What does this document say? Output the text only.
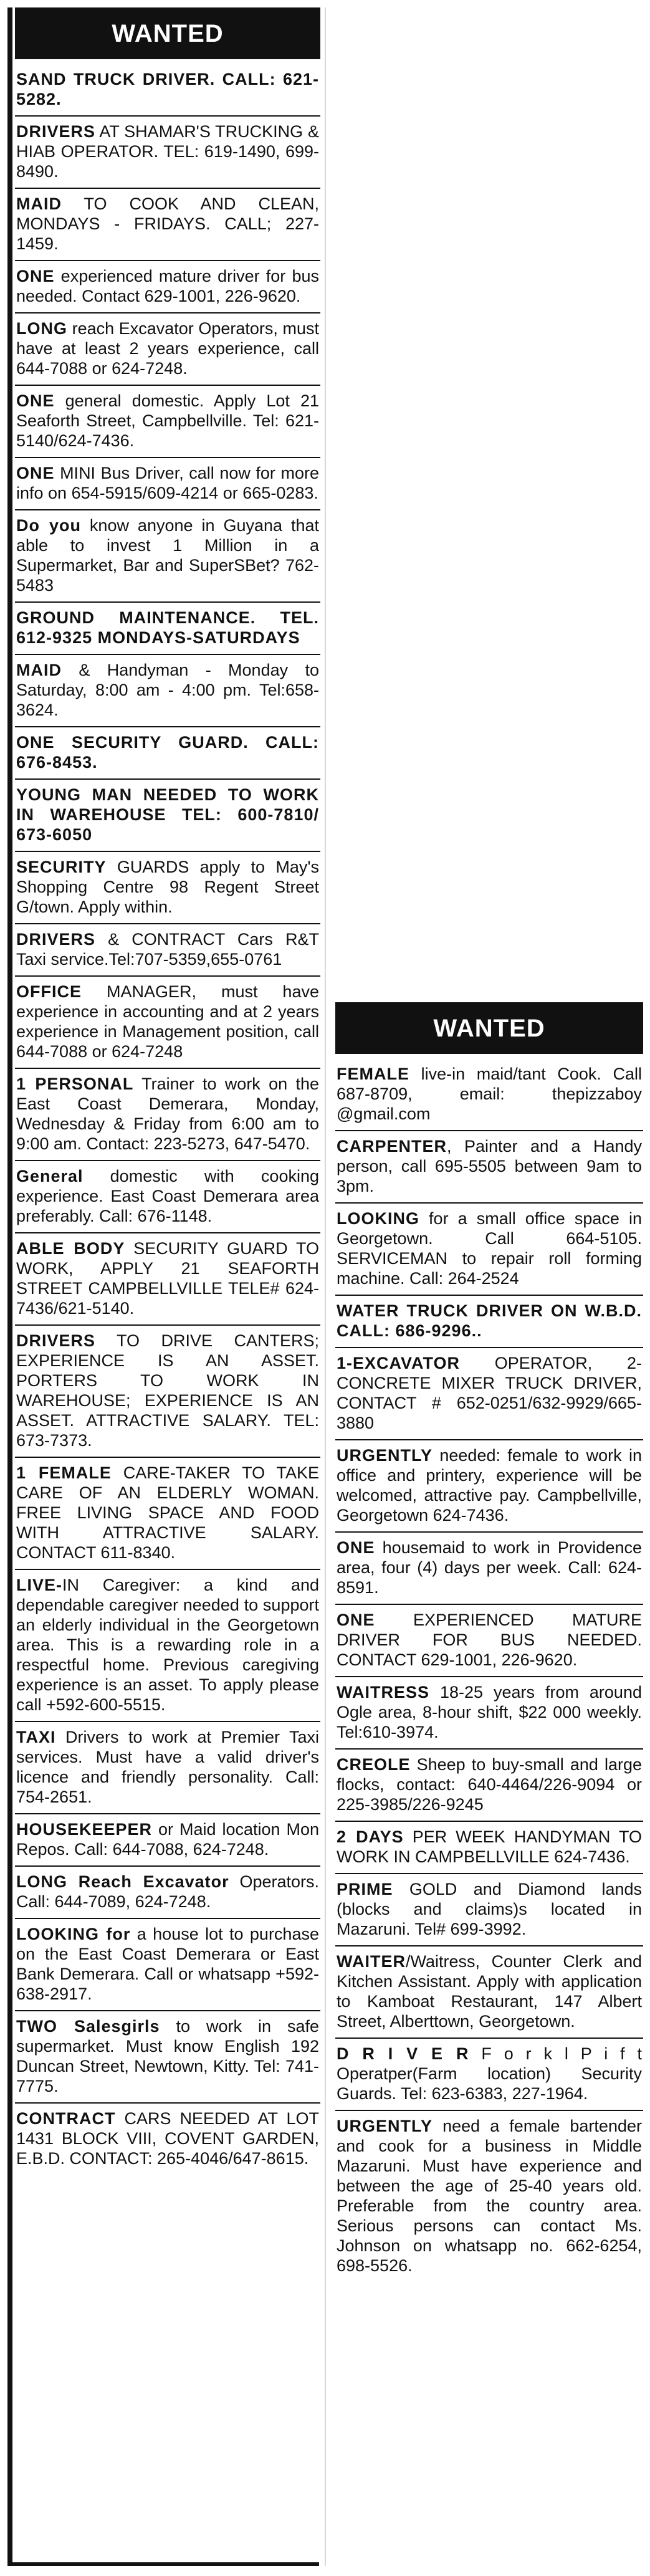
WANTED
SAND TRUCK DRIVER. CALL: 621-5282.
DRIVERS AT SHAMAR'S TRUCKING & HIAB OPERATOR. TEL: 619-1490, 699-8490.
MAID TO COOK AND CLEAN, MONDAYS - FRIDAYS. CALL; 227-1459.
ONE experienced mature driver for bus needed. Contact 629-1001, 226-9620.
LONG reach Excavator Operators, must have at least 2 years experience, call 644-7088 or 624-7248.
ONE general domestic. Apply Lot 21 Seaforth Street, Campbellville. Tel: 621-5140/624-7436.
ONE MINI Bus Driver, call now for more info on 654-5915/609-4214 or 665-0283.
Do you know anyone in Guyana that able to invest 1 Million in a Supermarket, Bar and SuperSBet? 762-5483
GROUND MAINTENANCE. TEL. 612-9325 MONDAYS-SATURDAYS
MAID & Handyman - Monday to Saturday, 8:00 am - 4:00 pm. Tel:658-3624.
ONE SECURITY GUARD. CALL: 676-8453.
YOUNG MAN NEEDED TO WORK IN WAREHOUSE TEL: 600-7810/ 673-6050
SECURITY GUARDS apply to May's Shopping Centre 98 Regent Street G/town. Apply within.
DRIVERS & CONTRACT Cars R&T Taxi service.Tel:707-5359,655-0761
OFFICE MANAGER, must have experience in accounting and at 2 years experience in Management position, call 644-7088 or 624-7248
1 PERSONAL Trainer to work on the East Coast Demerara, Monday, Wednesday & Friday from 6:00 am to 9:00 am. Contact: 223-5273, 647-5470.
General domestic with cooking experience. East Coast Demerara area preferably. Call: 676-1148.
ABLE BODY SECURITY GUARD TO WORK, APPLY 21 SEAFORTH STREET CAMPBELLVILLE TELE# 624-7436/621-5140.
DRIVERS TO DRIVE CANTERS; EXPERIENCE IS AN ASSET. PORTERS TO WORK IN WAREHOUSE; EXPERIENCE IS AN ASSET. ATTRACTIVE SALARY. TEL: 673-7373.
1 FEMALE CARE-TAKER TO TAKE CARE OF AN ELDERLY WOMAN. FREE LIVING SPACE AND FOOD WITH ATTRACTIVE SALARY. CONTACT 611-8340.
LIVE-IN Caregiver: a kind and dependable caregiver needed to support an elderly individual in the Georgetown area. This is a rewarding role in a respectful home. Previous caregiving experience is an asset. To apply please call +592-600-5515.
TAXI Drivers to work at Premier Taxi services. Must have a valid driver's licence and friendly personality. Call: 754-2651.
HOUSEKEEPER or Maid location Mon Repos. Call: 644-7088, 624-7248.
LONG Reach Excavator Operators. Call: 644-7089, 624-7248.
LOOKING for a house lot to purchase on the East Coast Demerara or East Bank Demerara. Call or whatsapp +592-638-2917.
TWO Salesgirls to work in safe supermarket. Must know English 192 Duncan Street, Newtown, Kitty. Tel: 741-7775.
CONTRACT CARS NEEDED AT LOT 1431 BLOCK VIII, COVENT GARDEN, E.B.D. CONTACT: 265-4046/647-8615.
WANTED
FEMALE live-in maid/tant Cook. Call 687-8709, email: thepizzaboy @gmail.com
CARPENTER, Painter and a Handy person, call 695-5505 between 9am to 3pm.
LOOKING for a small office space in Georgetown. Call 664-5105. SERVICEMAN to repair roll forming machine. Call: 264-2524
WATER TRUCK DRIVER ON W.B.D. CALL: 686-9296..
1-EXCAVATOR OPERATOR, 2- CONCRETE MIXER TRUCK DRIVER, CONTACT # 652-0251/632-9929/665-3880
URGENTLY needed: female to work in office and printery, experience will be welcomed, attractive pay. Campbellville, Georgetown 624-7436.
ONE housemaid to work in Providence area, four (4) days per week. Call: 624-8591.
ONE EXPERIENCED MATURE DRIVER FOR BUS NEEDED. CONTACT 629-1001, 226-9620.
WAITRESS 18-25 years from around Ogle area, 8-hour shift, $22 000 weekly. Tel:610-3974.
CREOLE Sheep to buy-small and large flocks, contact: 640-4464/226-9094 or 225-3985/226-9245
2 DAYS PER WEEK HANDYMAN TO WORK IN CAMPBELLVILLE 624-7436.
PRIME GOLD and Diamond lands (blocks and claims)s located in Mazaruni. Tel# 699-3992.
WAITER/Waitress, Counter Clerk and Kitchen Assistant. Apply with application to Kamboat Restaurant, 147 Albert Street, Alberttown, Georgetown.
D R I V E R F o r k l P i f t Operatper(Farm location) Security Guards. Tel: 623-6383, 227-1964.
URGENTLY need a female bartender and cook for a business in Middle Mazaruni. Must have experience and between the age of 25-40 years old. Preferable from the country area. Serious persons can contact Ms. Johnson on whatsapp no. 662-6254, 698-5526.
